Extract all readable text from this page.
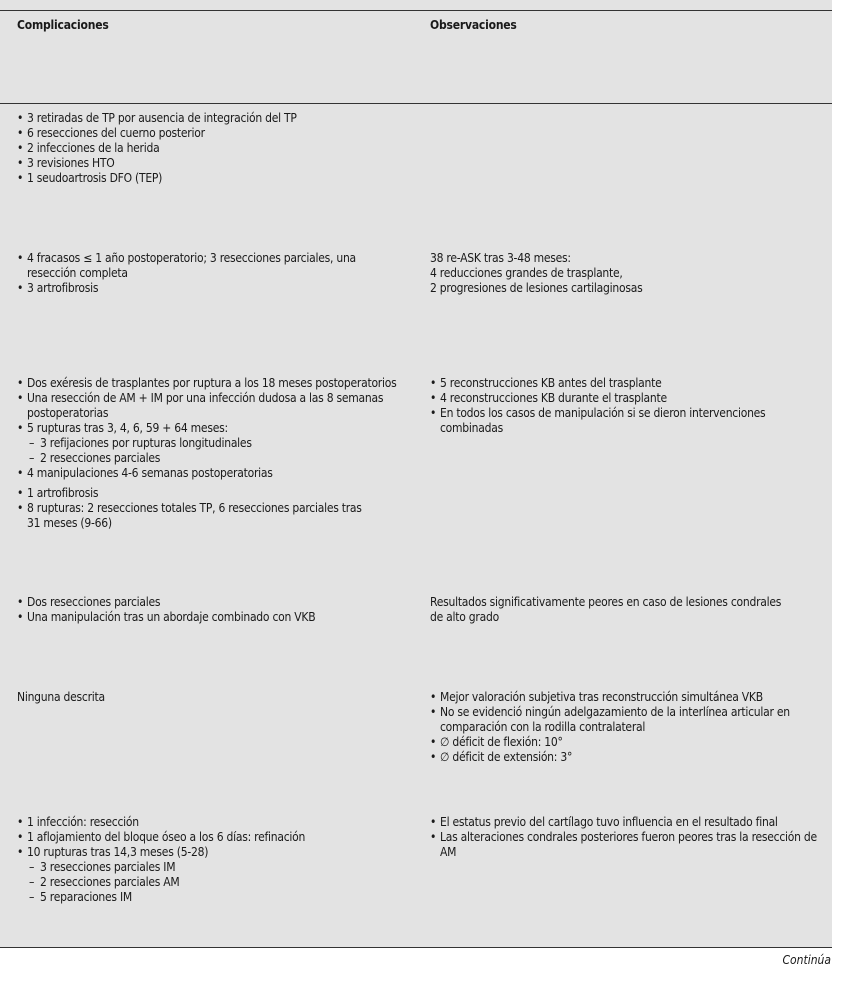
Complicaciones	Observaciones
• 3 retiradas de TP por ausencia de integración del TP
• 6 resecciones del cuerno posterior
• 2 infecciones de la herida
• 3 revisiones HTO
• 1 seudoartrosis DFO (TEP)
• 4 fracasos ≤ 1 año postoperatorio; 3 resecciones parciales, una resección completa
• 3 artrofibrosis

38 re-ASK tras 3-48 meses:

4 reducciones grandes de trasplante,

2 progresiones de lesiones cartilaginosas

• Dos exéresis de trasplantes por ruptura a los 18 meses postoperatorios
• Una resección de AM + IM por una infección dudosa a las 8 semanas postoperatorias
• 5 rupturas tras 3, 4, 6, 59 + 64 meses:
– 3 refijaciones por rupturas longitudinales
– 2 resecciones parciales
• 4 manipulaciones 4-6 semanas postoperatorias
• 1 artrofibrosis
• 8 rupturas: 2 resecciones totales TP, 6 resecciones parciales tras 31 meses (9-66)
• 5 reconstrucciones KB antes del trasplante
• 4 reconstrucciones KB durante el trasplante
• En todos los casos de manipulación si se dieron intervenciones combinadas
• Dos resecciones parciales
• Una manipulación tras un abordaje combinado con VKB

Resultados significativamente peores en caso de lesiones condrales

de alto grado

Ninguna descrita	• Mejor valoración subjetiva tras reconstrucción simultánea VKB
• No se evidenció ningún adelgazamiento de la interlínea articular en comparación con la rodilla contralateral
• ∅ déficit de flexión: 10°
• ∅ déficit de extensión: 3°
• 1 infección: resección
• 1 aflojamiento del bloque óseo a los 6 días: refinación
• 10 rupturas tras 14,3 meses (5-28)
– 3 resecciones parciales IM
– 2 resecciones parciales AM
– 5 reparaciones IM
• El estatus previo del cartílago tuvo influencia en el resultado final
• Las alteraciones condrales posteriores fueron peores tras la resección de AM
Continúa
